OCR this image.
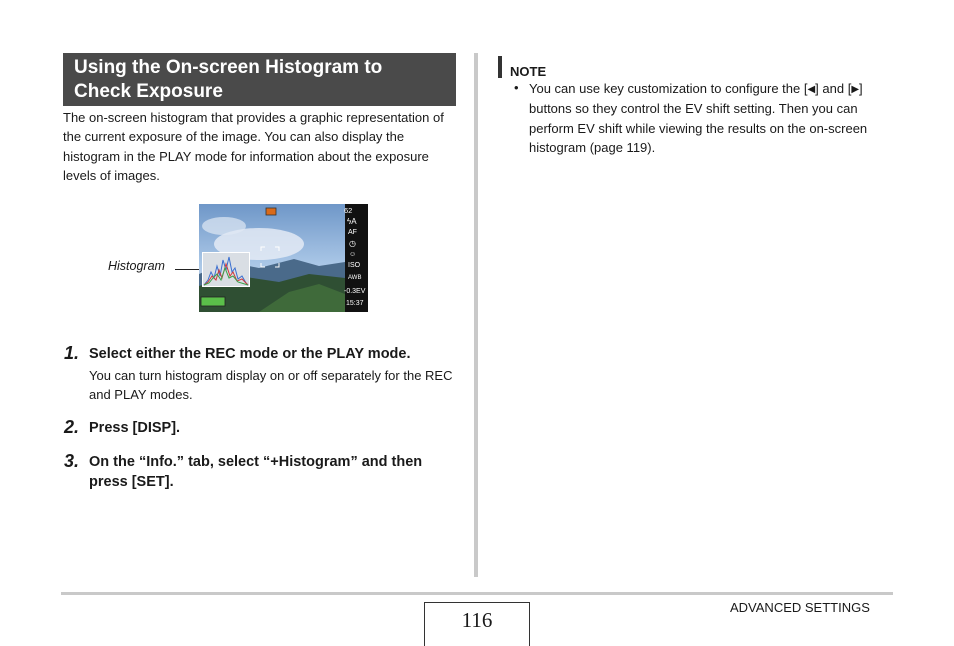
Using the On-screen Histogram to Check Exposure
The on-screen histogram that provides a graphic representation of the current exposure of the image. You can also display the histogram in the PLAY mode for information about the exposure levels of images.
Histogram
62
ϟA
AF
◷
☺
ISO
AWB
-0.3EV
15:37
1. Select either the REC mode or the PLAY mode.
You can turn histogram display on or off separately for the REC and PLAY modes.
2. Press [DISP].
3. On the “Info.” tab, select “+Histogram” and then press [SET].
NOTE
• You can use key customization to configure the [◀] and [▶] buttons so they control the EV shift setting. Then you can perform EV shift while viewing the results on the on-screen histogram (page 119).
ADVANCED SETTINGS
116
